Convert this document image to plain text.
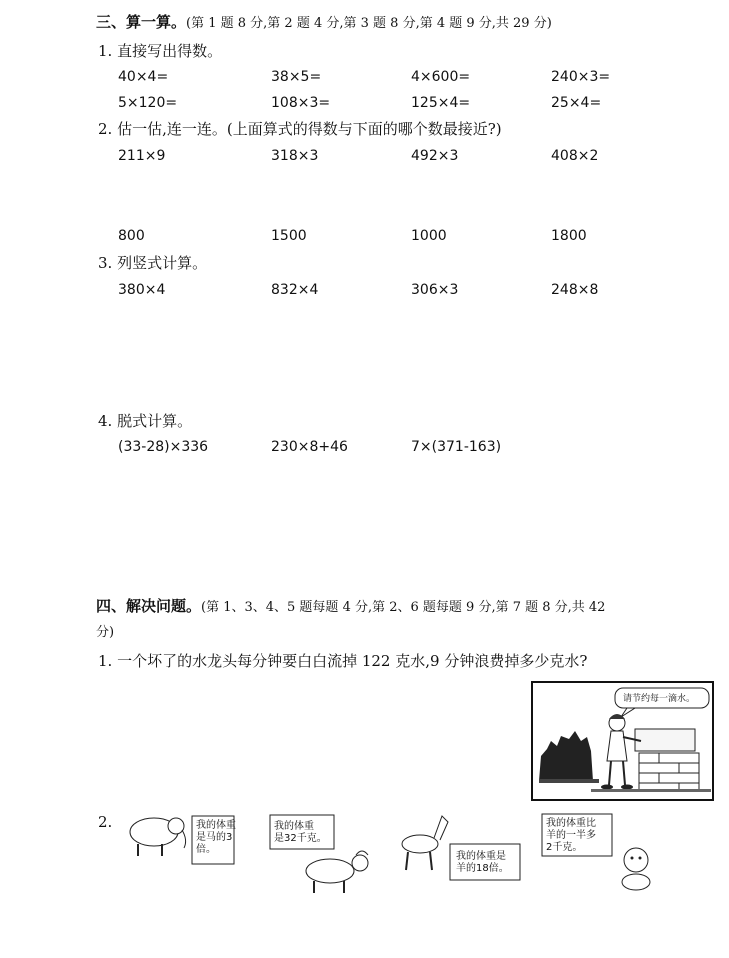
三、算一算。(第 1 题 8 分,第 2 题 4 分,第 3 题 8 分,第 4 题 9 分,共 29 分)
1. 直接写出得数。
40×4=	38×5=	4×600=	240×3=
5×120=	108×3=	125×4=	25×4=
2. 估一估,连一连。(上面算式的得数与下面的哪个数最接近?)
211×9	318×3	492×3	408×2
800	1500	1000	1800
3. 列竖式计算。
380×4	832×4	306×3	248×8
4. 脱式计算。
(33-28)×336	230×8+46	7×(371-163)
四、解决问题。(第 1、3、4、5 题每题 4 分,第 2、6 题每题 9 分,第 7 题 8 分,共 42
分)
1. 一个坏了的水龙头每分钟要白白流掉 122 克水,9 分钟浪费掉多少克水?
请节约每一滴水。
2.	我的体重
是马的3
倍。
我的体重
是32千克。
我的体重是
羊的18倍。
我的体重比
羊的一半多
2千克。
